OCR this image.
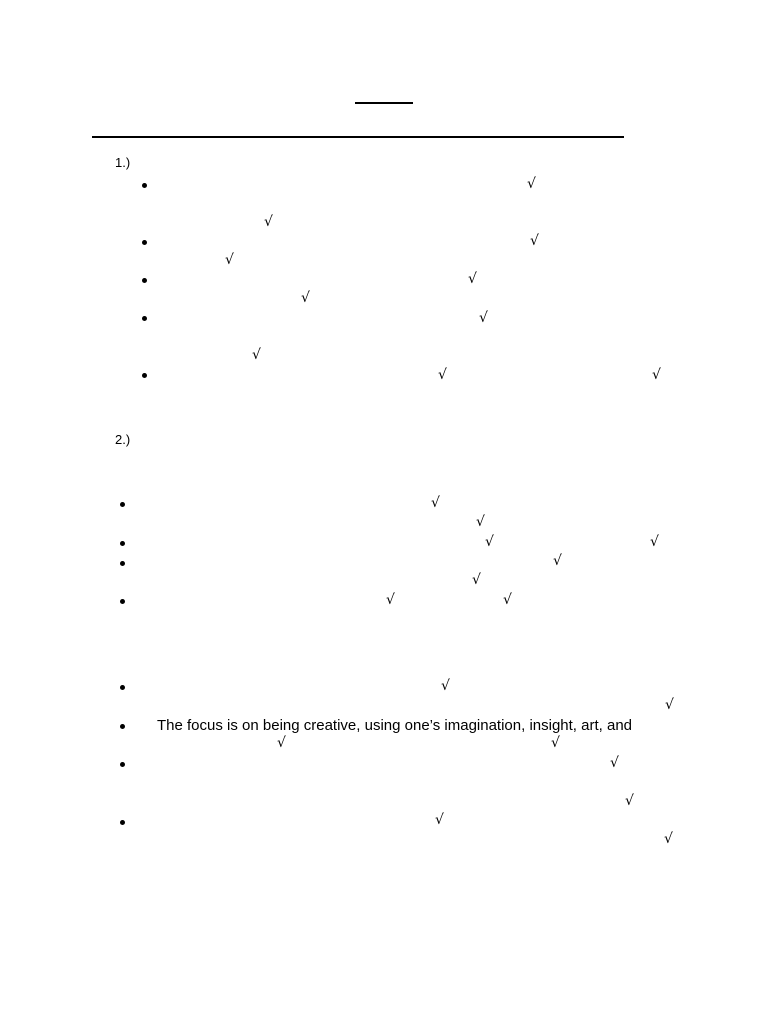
1.)
√
√
√
√
√
√
√
√
√	√
2.)
√
√
√	√
√
√
√	√
√
√
The focus is on being creative, using one’s imagination, insight, art, and
√	√
√
√
√
√
